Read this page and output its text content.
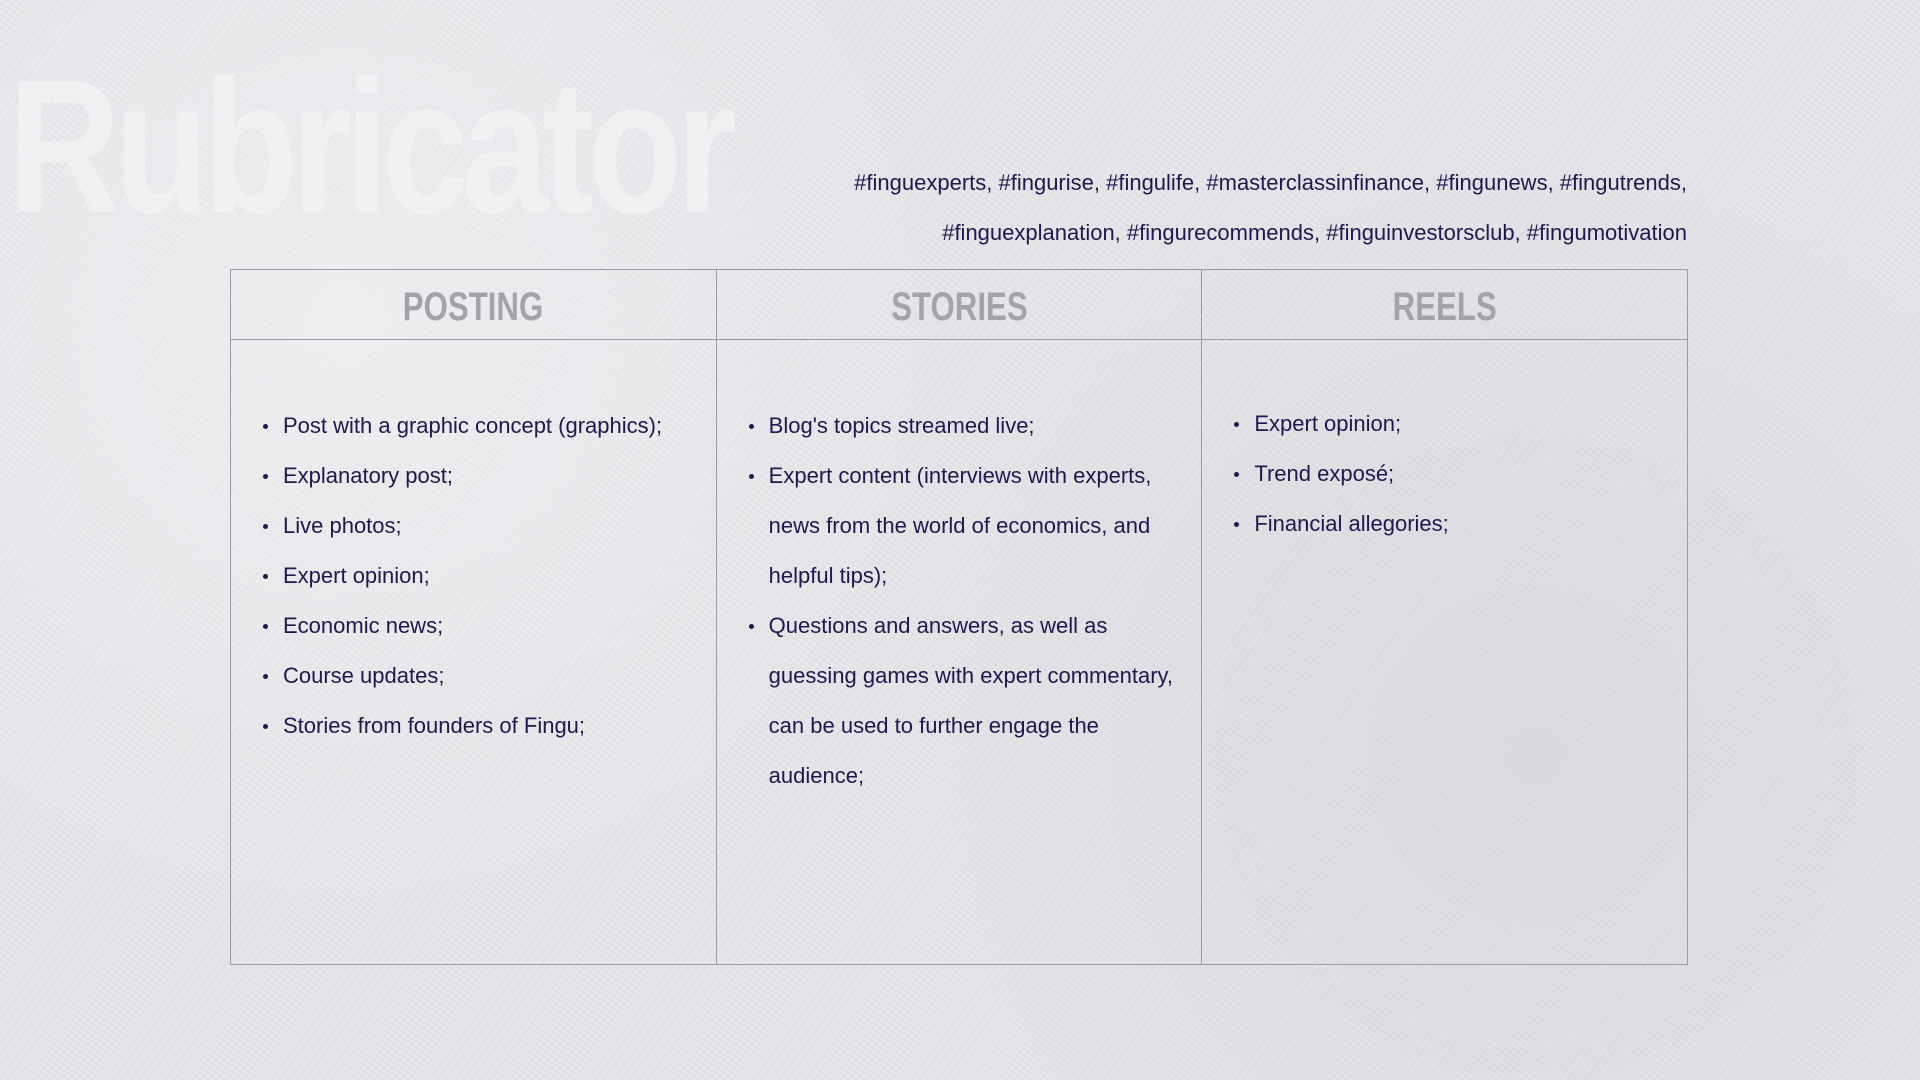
Rubricator	#finguexperts, #fingurise, #fingulife, #masterclassinfinance, #fingunews, #fingutrends,

#finguexplanation, #fingurecommends, #finguinvestorsclub, #fingumotivation

POSTING
Post with a graphic concept (graphics);
Explanatory post;
Live photos;
Expert opinion;
Economic news;
Course updates;
Stories from founders of Fingu;
STORIES
Blog's topics streamed live;
Expert content (interviews with experts, news from the world of economics, and helpful tips);
Questions and answers, as well as guessing games with expert commentary, can be used to further engage the audience;
REELS
Expert opinion;
Trend exposé;
Financial allegories;
